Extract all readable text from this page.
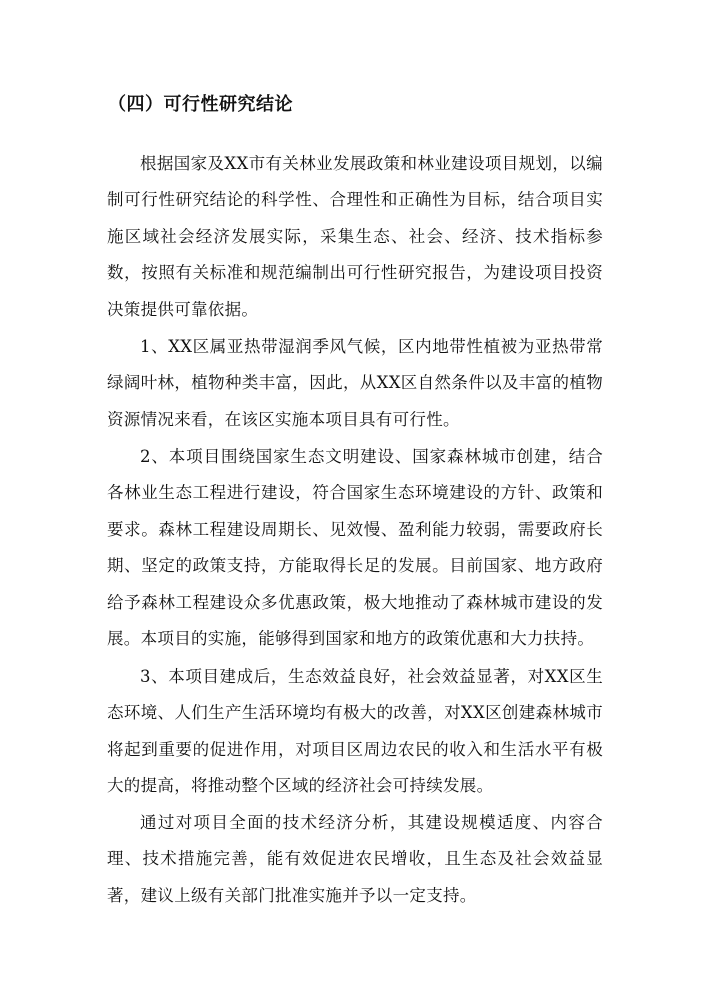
（四）可行性研究结论

根据国家及XX市有关林业发展政策和林业建设项目规划，以编制可行性研究结论的科学性、合理性和正确性为目标，结合项目实施区域社会经济发展实际，采集生态、社会、经济、技术指标参数，按照有关标准和规范编制出可行性研究报告，为建设项目投资决策提供可靠依据。

1、XX区属亚热带湿润季风气候，区内地带性植被为亚热带常绿阔叶林，植物种类丰富，因此，从XX区自然条件以及丰富的植物资源情况来看，在该区实施本项目具有可行性。

2、本项目围绕国家生态文明建设、国家森林城市创建，结合各林业生态工程进行建设，符合国家生态环境建设的方针、政策和要求。森林工程建设周期长、见效慢、盈利能力较弱，需要政府长期、坚定的政策支持，方能取得长足的发展。目前国家、地方政府给予森林工程建设众多优惠政策，极大地推动了森林城市建设的发展。本项目的实施，能够得到国家和地方的政策优惠和大力扶持。

3、本项目建成后，生态效益良好，社会效益显著，对XX区生态环境、人们生产生活环境均有极大的改善，对XX区创建森林城市将起到重要的促进作用，对项目区周边农民的收入和生活水平有极大的提高，将推动整个区域的经济社会可持续发展。

通过对项目全面的技术经济分析，其建设规模适度、内容合理、技术措施完善，能有效促进农民增收，且生态及社会效益显著，建议上级有关部门批准实施并予以一定支持。
